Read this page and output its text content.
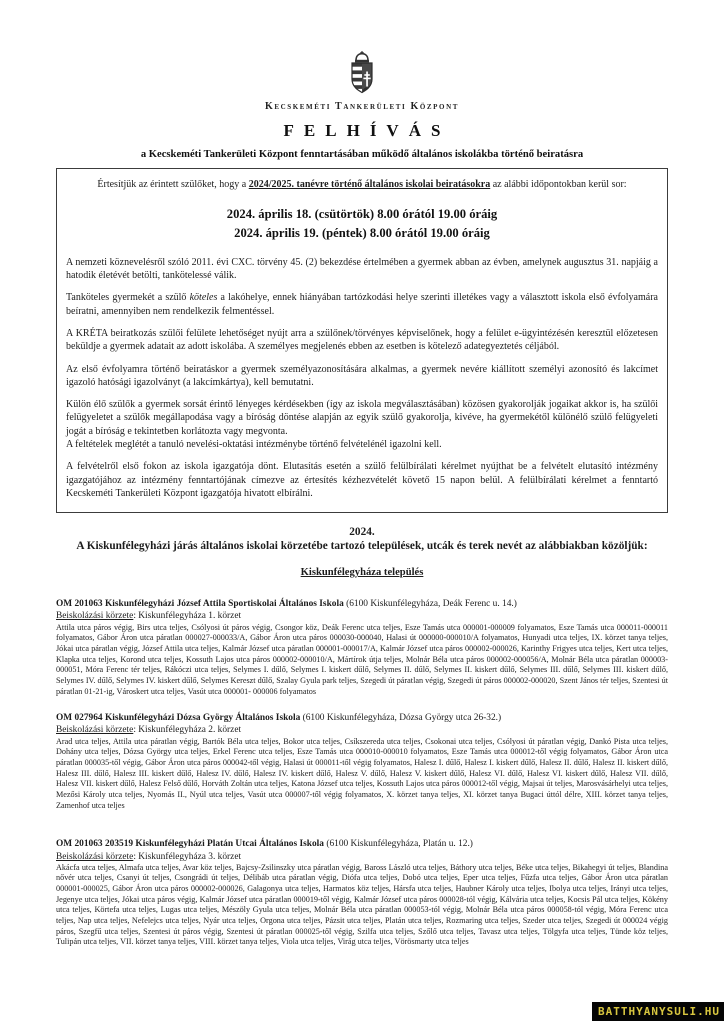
Kecskeméti Tankerületi Központ
FELHÍVÁS
a Kecskeméti Tankerületi Központ fenntartásában működő általános iskolákba történő beiratásra

Értesítjük az érintett szülőket, hogy a 2024/2025. tanévre történő általános iskolai beiratásokra az alábbi időpontokban kerül sor:

2024. április 18. (csütörtök) 8.00 órától 19.00 óráig
2024. április 19. (péntek) 8.00 órától 19.00 óráig

A nemzeti köznevelésről szóló 2011. évi CXC. törvény 45. (2) bekezdése értelmében a gyermek abban az évben, amelynek augusztus 31. napjáig a hatodik életévét betölti, tankötelessé válik.

Tanköteles gyermekét a szülő köteles a lakóhelye, ennek hiányában tartózkodási helye szerinti illetékes vagy a választott iskola első évfolyamára beíratni, amennyiben nem rendelkezik felmentéssel.

A KRÉTA beiratkozás szülői felülete lehetőséget nyújt arra a szülőnek/törvényes képviselőnek, hogy a felület e-ügyintézésén keresztül előzetesen beküldje a gyermek adatait az adott iskolába. A személyes megjelenés ebben az esetben is kötelező adategyeztetés céljából.

Az első évfolyamra történő beiratáskor a gyermek személyazonosítására alkalmas, a gyermek nevére kiállított személyi azonosító és lakcímet igazoló hatósági igazolványt (a lakcímkártya), kell bemutatni.

Külön élő szülők a gyermek sorsát érintő lényeges kérdésekben (így az iskola megválasztásában) közösen gyakorolják jogaikat akkor is, ha szülői felügyeletet a szülők megállapodása vagy a bíróság döntése alapján az egyik szülő gyakorolja, kivéve, ha gyermekétől különélő szülő felügyeleti jogát a bíróság e tekintetben korlátozta vagy megvonta.
A feltételek meglétét a tanuló nevelési-oktatási intézménybe történő felvételénél igazolni kell.

A felvételről első fokon az iskola igazgatója dönt. Elutasítás esetén a szülő felülbírálati kérelmet nyújthat be a felvételt elutasító intézmény igazgatójához az intézmény fenntartójának címezve az értesítés kézhezvételét követő 15 napon belül. A felülbírálati kérelmet a fenntartó Kecskeméti Tankerületi Központ igazgatója hivatott elbírálni.

2024.
A Kiskunfélegyházi járás általános iskolai körzetébe tartozó települések, utcák és terek nevét az alábbiakban közöljük:
Kiskunfélegyháza település

OM 201063 Kiskunfélegyházi József Attila Sportiskolai Általános Iskola (6100 Kiskunfélegyháza, Deák Ferenc u. 14.)

Beiskolázási körzete: Kiskunfélegyháza 1. körzet

Attila utca páros végig, Birs utca teljes, Csólyosi út páros végig, Csongor köz, Deák Ferenc utca teljes, Esze Tamás utca 000001-000009 folyamatos, Esze Tamás utca 000011-000011 folyamatos, Gábor Áron utca páratlan 000027-000033/A, Gábor Áron utca páros 000030-000040, Halasi út 000000-000010/A folyamatos, Hunyadi utca teljes, IX. körzet tanya teljes, Jókai utca páratlan végig, József Attila utca teljes, Kalmár József utca páratlan 000001-000017/A, Kalmár József utca páros 000002-000026, Karinthy Frigyes utca teljes, Kert utca teljes, Klapka utca teljes, Korond utca teljes, Kossuth Lajos utca páros 000002-000010/A, Mártírok útja teljes, Molnár Béla utca páros 000002-000056/A, Molnár Béla utca páratlan 000003-000051, Móra Ferenc tér teljes, Rákóczi utca teljes, Selymes I. dűlő, Selymes I. kiskert dűlő, Selymes II. dűlő, Selymes II. kiskert dűlő, Selymes III. dűlő, Selymes III. kiskert dűlő, Selymes IV. dűlő, Selymes IV. kiskert dűlő, Selymes Kereszt dűlő, Szalay Gyula park teljes, Szegedi út páratlan végig, Szegedi út páros 000002-000020, Szent János tér teljes, Szentesi út páratlan 01-21-ig, Városkert utca teljes, Vasút utca 000001- 000006 folyamatos

OM 027964 Kiskunfélegyházi Dózsa György Általános Iskola (6100 Kiskunfélegyháza, Dózsa György utca 26-32.)

Beiskolázási körzete: Kiskunfélegyháza 2. körzet

Arad utca teljes, Attila utca páratlan végig, Bartók Béla utca teljes, Bokor utca teljes, Csíkszereda utca teljes, Csokonai utca teljes, Csólyosi út páratlan végig, Dankó Pista utca teljes, Dohány utca teljes, Dózsa György utca teljes, Erkel Ferenc utca teljes, Esze Tamás utca 000010-000010 folyamatos, Esze Tamás utca 000012-től végig folyamatos, Gábor Áron utca páratlan 000035-től végig, Gábor Áron utca páros 000042-től végig, Halasi út 000011-től végig folyamatos, Halesz I. dűlő, Halesz I. kiskert dűlő, Halesz II. dűlő, Halesz II. kiskert dűlő, Halesz III. dűlő, Halesz III. kiskert dűlő, Halesz IV. dűlő, Halesz IV. kiskert dűlő, Halesz V. dűlő, Halesz V. kiskert dűlő, Halesz VI. dűlő, Halesz VI. kiskert dűlő, Halesz VII. dűlő, Halesz VII. kiskert dűlő, Halesz Felső dűlő, Horváth Zoltán utca teljes, Katona József utca teljes, Kossuth Lajos utca páros 000012-től végig, Majsai út teljes, Marosvásárhelyi utca teljes, Mezősi Károly utca teljes, Nyomás II., Nyúl utca teljes, Vasút utca 000007-től végig folyamatos, X. körzet tanya teljes, XI. körzet tanya Bugaci úttól délre, XIII. körzet tanya teljes, Zamenhof utca teljes

OM 201063 203519 Kiskunfélegyházi Platán Utcai Általános Iskola (6100 Kiskunfélegyháza, Platán u. 12.)

Beiskolázási körzete: Kiskunfélegyháza 3. körzet

Akácfa utca teljes, Almafa utca teljes, Avar köz teljes, Bajcsy-Zsilinszky utca páratlan végig, Baross László utca teljes, Báthory utca teljes, Béke utca teljes, Bikahegyi út teljes, Blandina nővér utca teljes, Csanyi út teljes, Csongrádi út teljes, Délibáb utca páratlan végig, Diófa utca teljes, Dobó utca teljes, Eper utca teljes, Fűzfa utca teljes, Gábor Áron utca páratlan 000001-000025, Gábor Áron utca páros 000002-000026, Galagonya utca teljes, Harmatos köz teljes, Hársfa utca teljes, Haubner Károly utca teljes, Ibolya utca teljes, Irányi utca teljes, Jegenye utca teljes, Jókai utca páros végig, Kalmár József utca páratlan 000019-től végig, Kalmár József utca páros 000028-tól végig, Kálvária utca teljes, Kocsis Pál utca teljes, Kökény utca teljes, Körtefa utca teljes, Lugas utca teljes, Mészöly Gyula utca teljes, Molnár Béla utca páratlan 000053-tól végig, Molnár Béla utca páros 000058-tól végig, Móra Ferenc utca teljes, Nap utca teljes, Nefelejcs utca teljes, Nyár utca teljes, Orgona utca teljes, Pázsit utca teljes, Platán utca teljes, Rozmaring utca teljes, Szeder utca teljes, Szegedi út 000024 végig páros, Szegfű utca teljes, Szentesi út páros végig, Szentesi út páratlan 000025-től végig, Szilfa utca teljes, Szőlő utca teljes, Tavasz utca teljes, Tölgyfa utca teljes, Tünde köz teljes, Tulipán utca teljes, VII. körzet tanya teljes, VIII. körzet tanya teljes, Viola utca teljes, Virág utca teljes, Vörösmarty utca teljes

BATTHYANYSULI.HU
